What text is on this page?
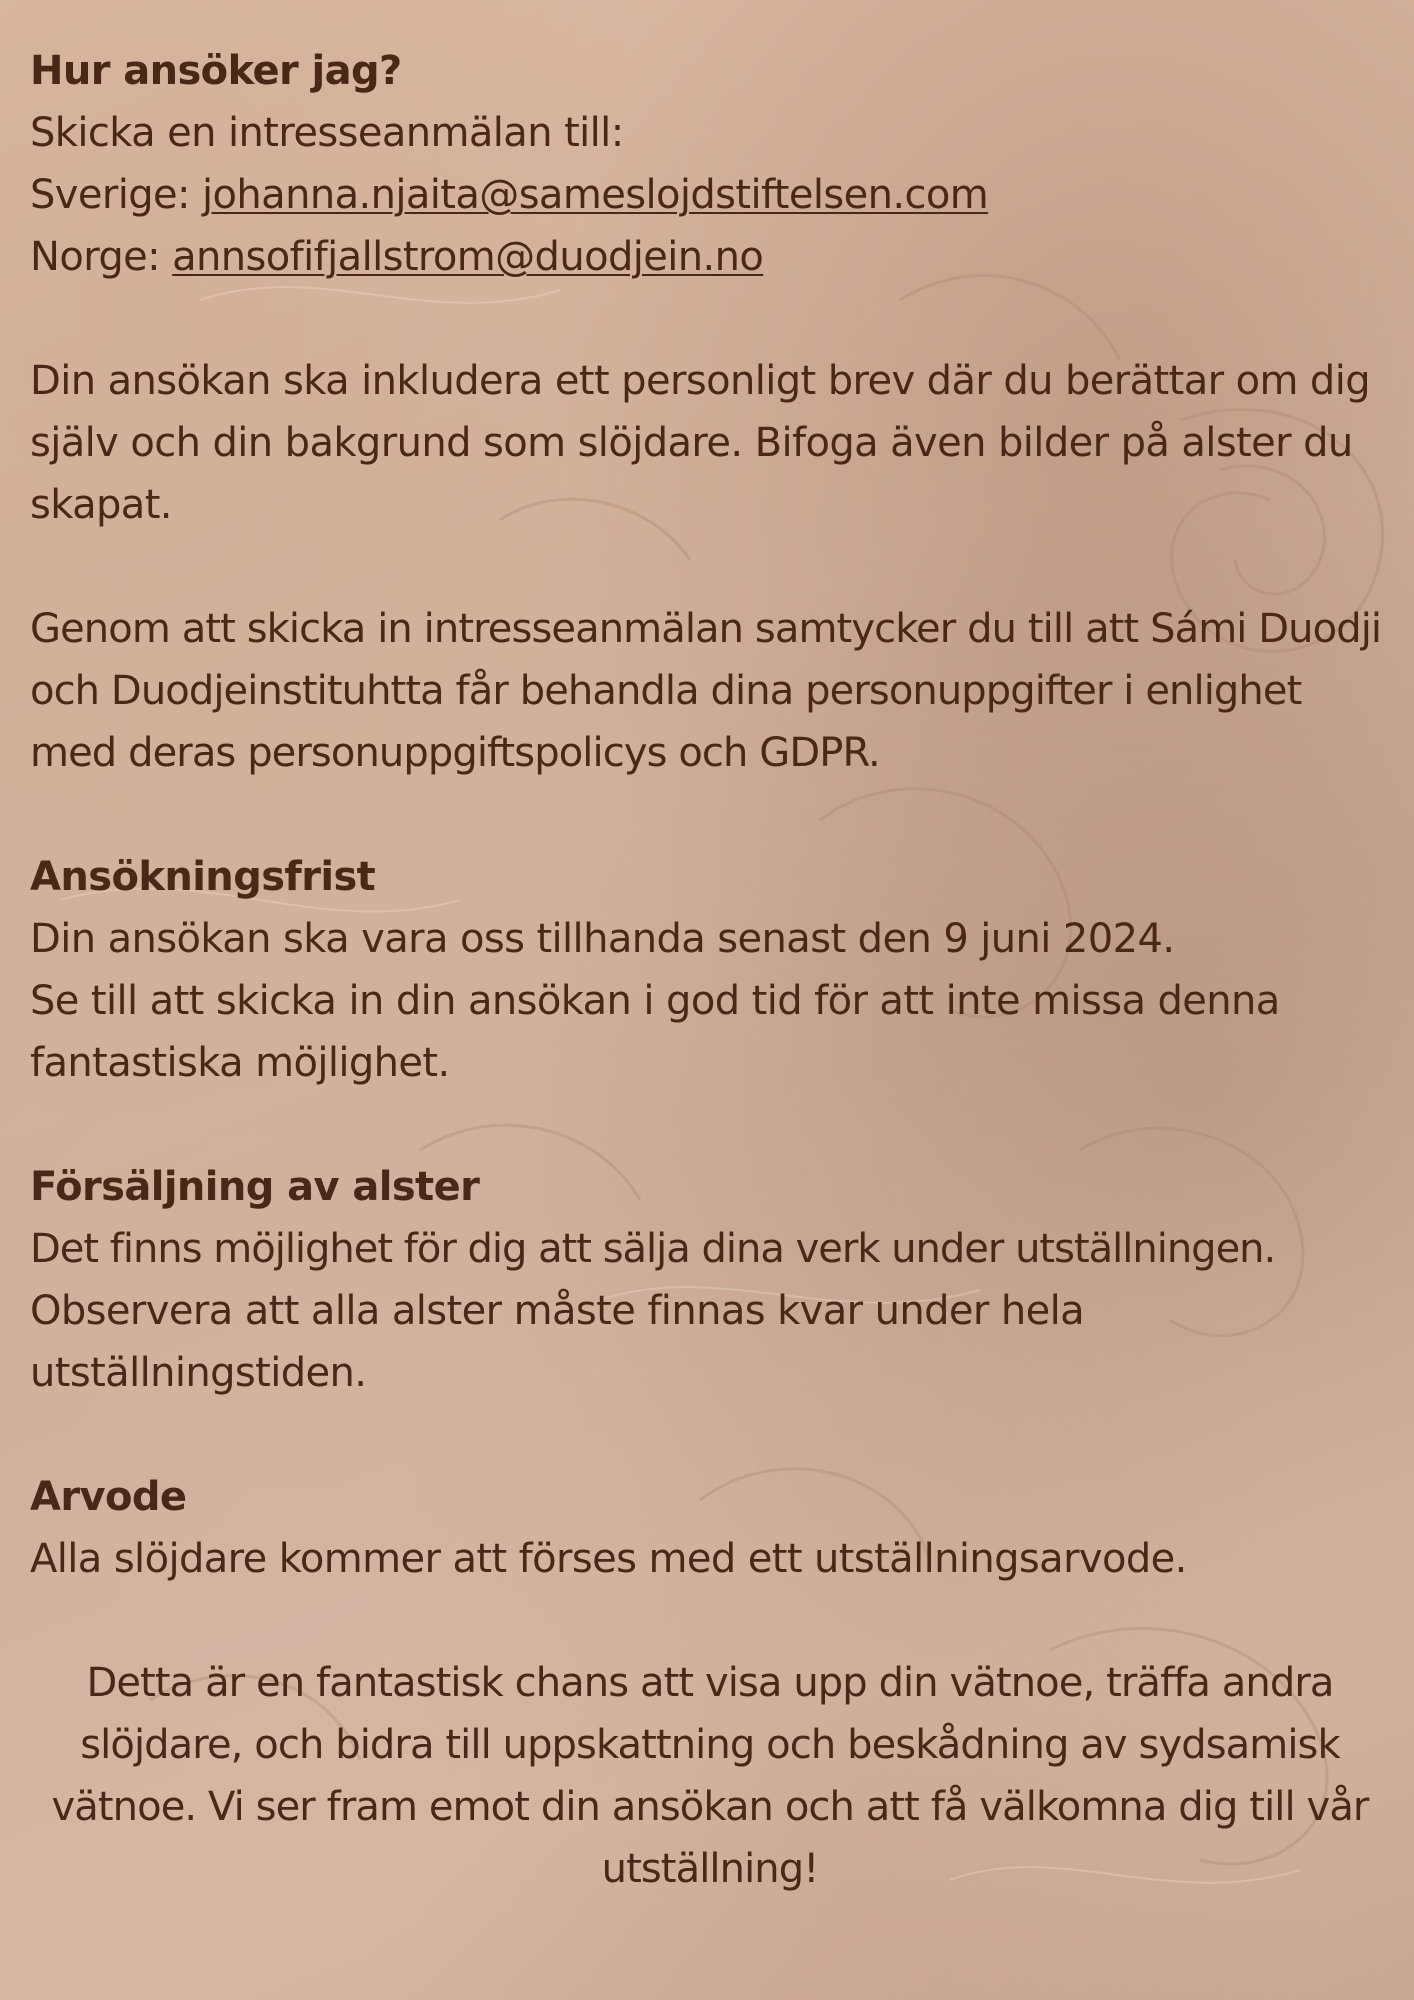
Hur ansöker jag?
Skicka en intresseanmälan till:
Sverige: johanna.njaita@sameslojdstiftelsen.com
Norge: annsofifjallstrom@duodjein.no

Din ansökan ska inkludera ett personligt brev där du berättar om dig själv och din bakgrund som slöjdare. Bifoga även bilder på alster du skapat.

Genom att skicka in intresseanmälan samtycker du till att Sámi Duodji och Duodjeinstituhtta får behandla dina personuppgifter i enlighet med deras personuppgiftspolicys och GDPR.

Ansökningsfrist
Din ansökan ska vara oss tillhanda senast den 9 juni 2024.
Se till att skicka in din ansökan i god tid för att inte missa denna fantastiska möjlighet.
Försäljning av alster
Det finns möjlighet för dig att sälja dina verk under utställningen.
Observera att alla alster måste finnas kvar under hela utställningstiden.
Arvode
Alla slöjdare kommer att förses med ett utställningsarvode.

Detta är en fantastisk chans att visa upp din vätnoe, träffa andra slöjdare, och bidra till uppskattning och beskådning av sydsamisk vätnoe. Vi ser fram emot din ansökan och att få välkomna dig till vår utställning!
